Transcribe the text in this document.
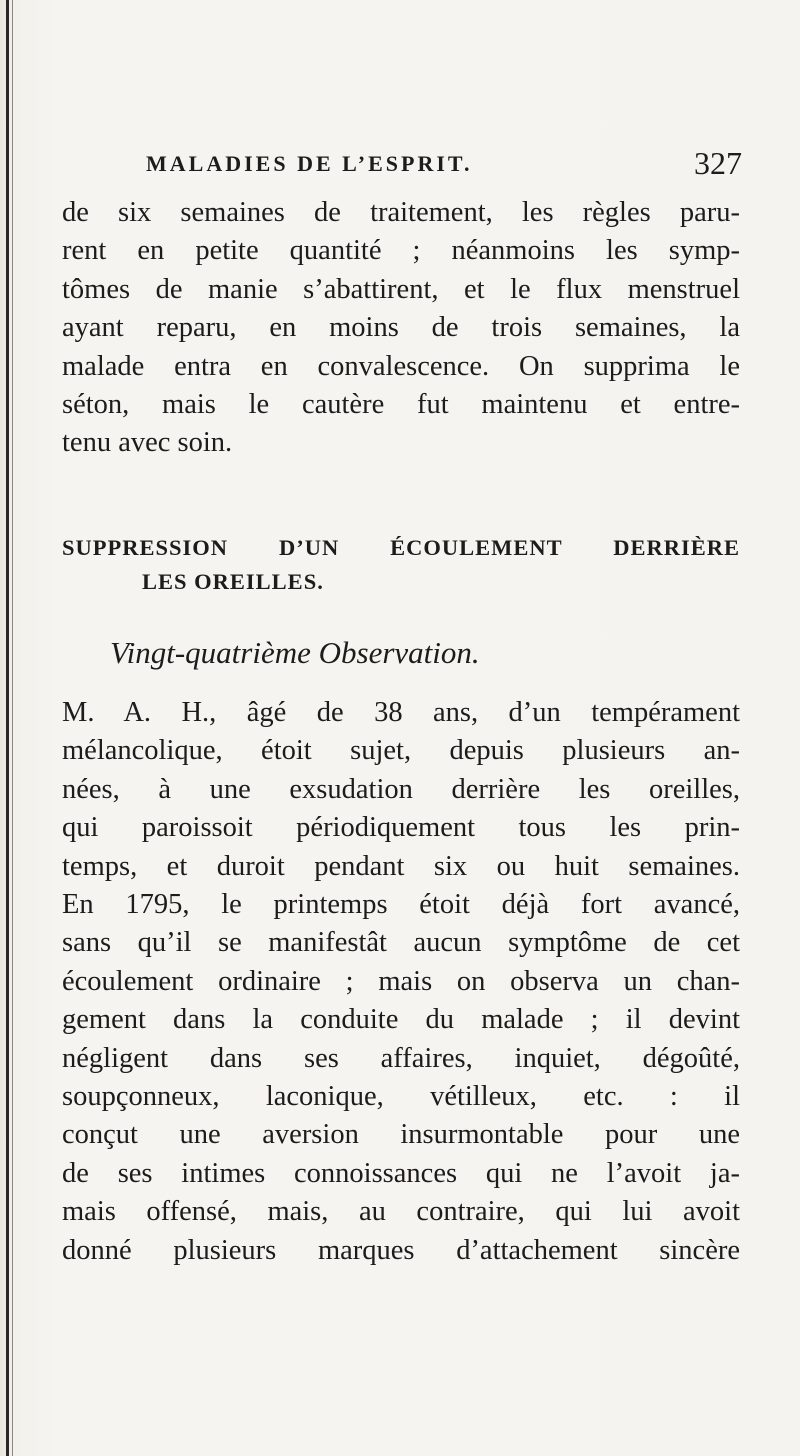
MALADIES DE L’ESPRIT.	327
de six semaines de traitement, les règles paru-
rent en petite quantité ; néanmoins les symp-
tômes de manie s’abattirent, et le flux menstruel
ayant reparu, en moins de trois semaines, la
malade entra en convalescence. On supprima le
séton, mais le cautère fut maintenu et entre-
tenu avec soin.
SUPPRESSION D’UN ÉCOULEMENT DERRIÈRE
LES OREILLES.
Vingt-quatrième Observation.
M. A. H., âgé de 38 ans, d’un tempérament
mélancolique, étoit sujet, depuis plusieurs an-
nées, à une exsudation derrière les oreilles,
qui paroissoit périodiquement tous les prin-
temps, et duroit pendant six ou huit semaines.
En 1795, le printemps étoit déjà fort avancé,
sans qu’il se manifestât aucun symptôme de cet
écoulement ordinaire ; mais on observa un chan-
gement dans la conduite du malade ; il devint
négligent dans ses affaires, inquiet, dégoûté,
soupçonneux, laconique, vétilleux, etc. : il
conçut une aversion insurmontable pour une
de ses intimes connoissances qui ne l’avoit ja-
mais offensé, mais, au contraire, qui lui avoit
donné plusieurs marques d’attachement sincère
